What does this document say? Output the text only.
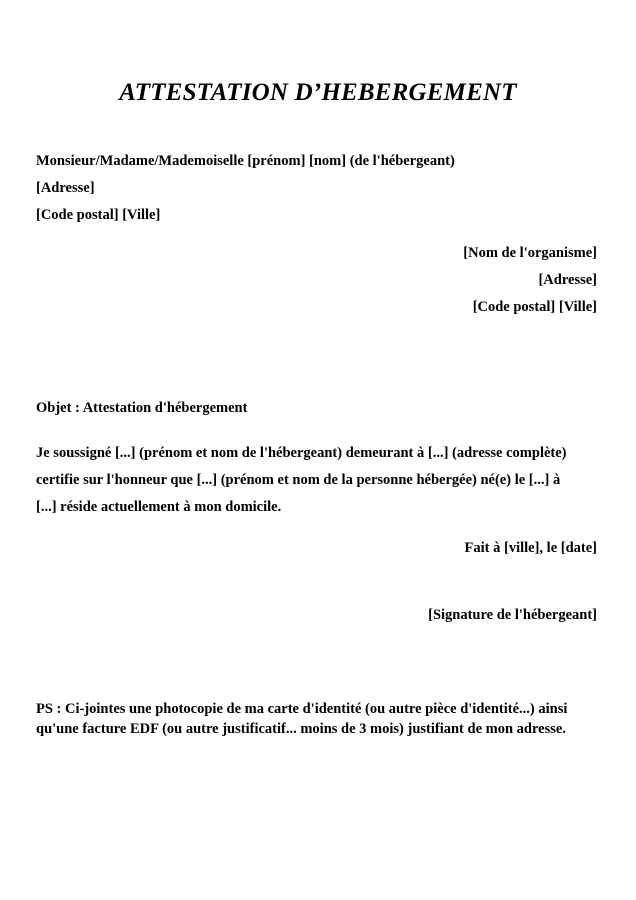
ATTESTATION D’HEBERGEMENT
Monsieur/Madame/Mademoiselle [prénom] [nom] (de l'hébergeant)
[Adresse]
[Code postal] [Ville]
[Nom de l'organisme]
[Adresse]
[Code postal] [Ville]
Objet : Attestation d'hébergement
Je soussigné [...] (prénom et nom de l'hébergeant) demeurant à [...] (adresse complète)
certifie sur l'honneur que [...] (prénom et nom de la personne hébergée) né(e) le [...] à
[...] réside actuellement à mon domicile.
Fait à [ville], le [date]
[Signature de l'hébergeant]
PS : Ci-jointes une photocopie de ma carte d'identité (ou autre pièce d'identité...) ainsi
qu'une facture EDF (ou autre justificatif... moins de 3 mois) justifiant de mon adresse.
